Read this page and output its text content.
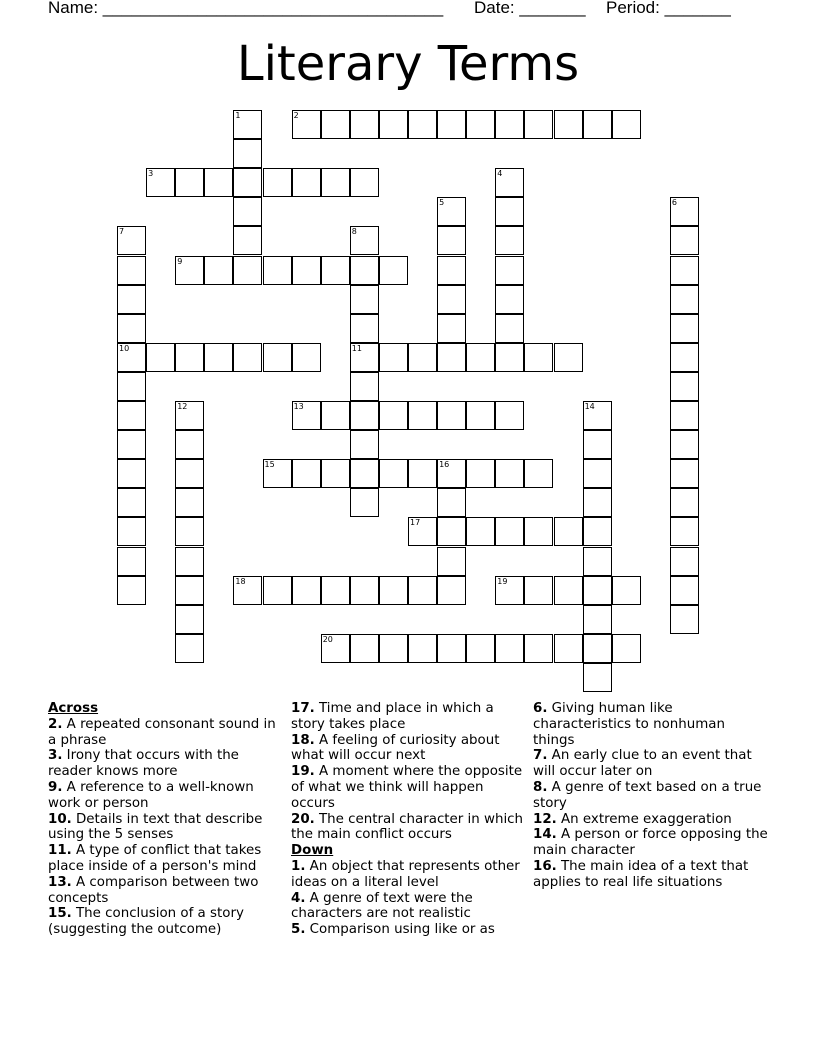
Name: ____________________________________ Date: _______ Period: _______
Literary Terms
1	2
3	4
5	6
7
10
8
11
9
12	13	14
15	16
17
18	19
20

Across

2. A repeated consonant sound in a phrase

3. Irony that occurs with the reader knows more

9. A reference to a well-known work or person

10. Details in text that describe using the 5 senses

11. A type of conflict that takes place inside of a person's mind

13. A comparison between two concepts

15. The conclusion of a story (suggesting the outcome)

17. Time and place in which a story takes place

18. A feeling of curiosity about what will occur next

19. A moment where the opposite of what we think will happen occurs

20. The central character in which the main conflict occurs

Down

1. An object that represents other ideas on a literal level

4. A genre of text were the characters are not realistic

5. Comparison using like or as

6. Giving human like characteristics to nonhuman things

7. An early clue to an event that will occur later on

8. A genre of text based on a true story

12. An extreme exaggeration

14. A person or force opposing the main character

16. The main idea of a text that applies to real life situations
